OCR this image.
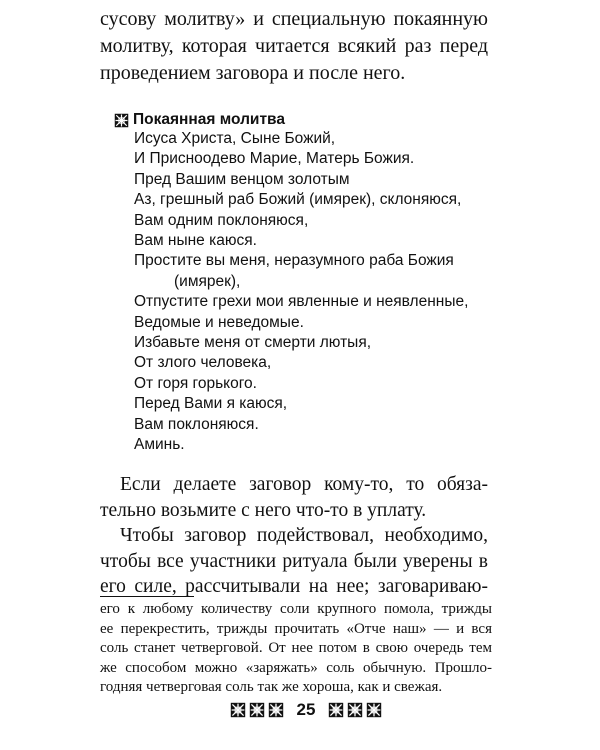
сусову молитву» и специальную покаянную
молитву, которая читается всякий раз перед
проведением заговора и после него.
Покаянная молитва
Исуса Христа, Сыне Божий,
И Присноодево Марие, Матерь Божия.
Пред Вашим венцом золотым
Аз, грешный раб Божий (имярек), склоняюся,
Вам одним поклоняюся,
Вам ныне каюся.
Простите вы меня, неразумного раба Божия
(имярек),
Отпустите грехи мои явленные и неявленные,
Ведомые и неведомые.
Избавьте меня от смерти лютыя,
От злого человека,
От горя горького.
Перед Вами я каюся,
Вам поклоняюся.
Аминь.
Если делаете заговор кому-то, то обяза-
тельно возьмите с него что-то в уплату.
Чтобы заговор подействовал, необходимо,
чтобы все участники ритуала были уверены в
его силе, рассчитывали на нее; заговариваю-
его к любому количеству соли крупного помола, трижды
ее перекрестить, трижды прочитать «Отче наш» — и вся
соль станет четверговой. От нее потом в свою очередь тем
же способом можно «заряжать» соль обычную. Прошло-
годняя четверговая соль так же хороша, как и свежая.
25
